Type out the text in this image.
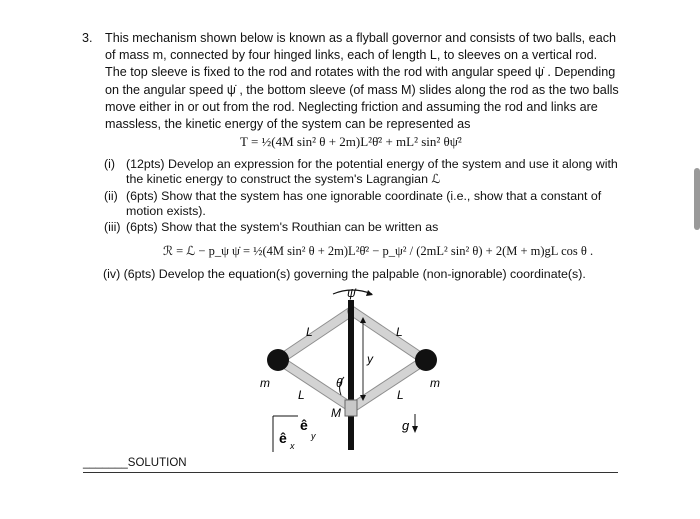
3. This mechanism shown below is known as a flyball governor and consists of two balls, each
of mass m, connected by four hinged links, each of length L, to sleeves on a vertical rod.
The top sleeve is fixed to the rod and rotates with the rod with angular speed ψ̇ . Depending
on the angular speed ψ̇ , the bottom sleeve (of mass M) slides along the rod as the two balls
move either in or out from the rod. Neglecting friction and assuming the rod and links are
massless, the kinetic energy of the system can be represented as
T = ½(4M sin² θ + 2m)L²θ̇² + mL² sin² θψ̇²
(i) (12pts) Develop an expression for the potential energy of the system and use it along with
the kinetic energy to construct the system's Lagrangian ℒ
(ii) (6pts) Show that the system has one ignorable coordinate (i.e., show that a constant of
motion exists).
(iii) (6pts) Show that the system's Routhian can be written as
ℛ = ℒ − p_ψ ψ̇ = ½(4M sin² θ + 2m)L²θ̇² − p_ψ² / (2mL² sin² θ) + 2(M + m)gL cos θ .
(iv) (6pts) Develop the equation(s) governing the palpable (non-ignorable) coordinate(s).
ψ̇
L	L
L	L
m	m
θ
y
M
g
ê x
ê
y
_______SOLUTION
